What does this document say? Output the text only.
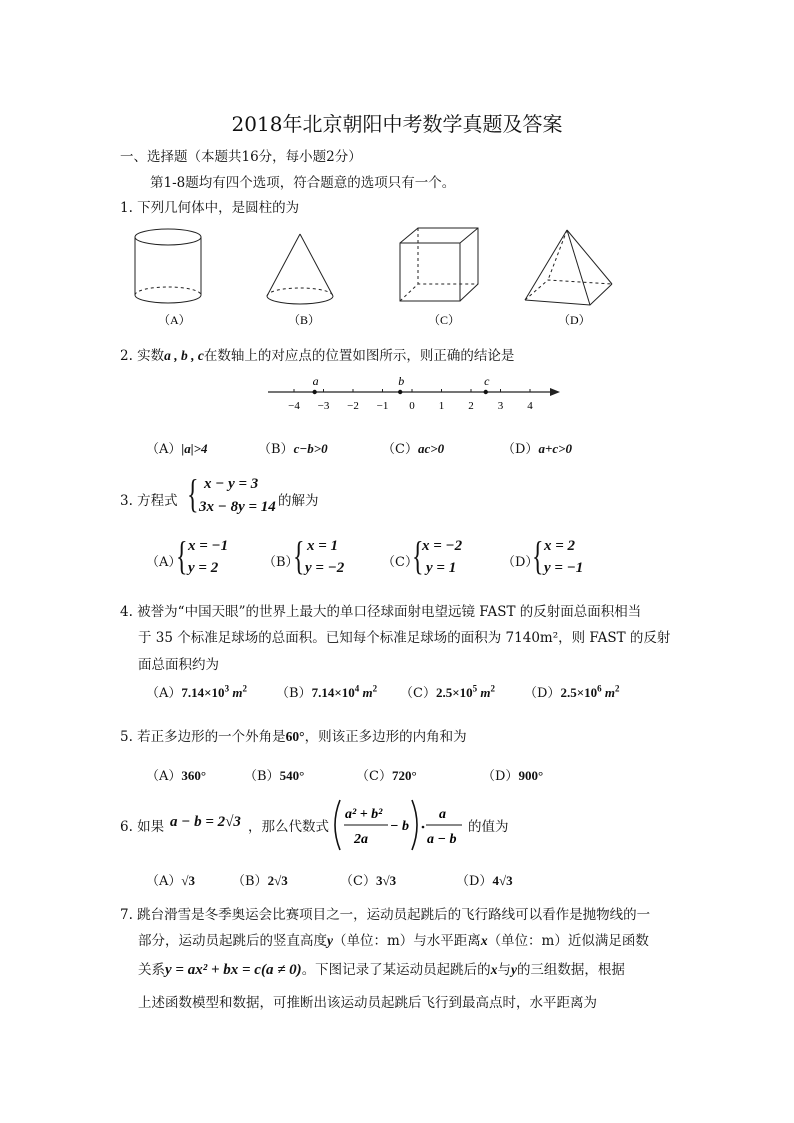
2018年北京朝阳中考数学真题及答案
一、选择题（本题共16分，每小题2分）
第1-8题均有四个选项，符合题意的选项只有一个。
1. 下列几何体中，是圆柱的为
（A）	（B）	（C）	（D）
2. 实数a , b , c在数轴上的对应点的位置如图所示，则正确的结论是
−4 −3 −2 −1 0 1 2 3 4
a	b	c
（A）|a|>4	（B）c−b>0	（C）ac>0	（D）a+c>0
3. 方程式 { x − y = 3
3x − 8y = 14 的解为
（A）
{ x = −1
y = 2	（B）
{ x = 1
y = −2	（C）
{
x = −2
y = 1	（D）
{ x = 2
y = −1
4. 被誉为“中国天眼”的世界上最大的单口径球面射电望远镜 FAST 的反射面总面积相当
于 35 个标准足球场的总面积。已知每个标准足球场的面积为 7140m²，则 FAST 的反射
面总面积约为
$(A)7.14\times 10^3$ $m^2$ $(B)7.14\times 10^4$ $m^2$ $(C)2.5\times 10^5$ $m^2$ $(D)2.5\times 10^6$ $m^2$
5. 若正多边形的一个外角是60°，则该正多边形的内角和为
（A）360°	（B）540°	（C）720°	（D）900°
6. 如果 a − b = 2√3 ，那么代数式
a² + b²
2a
− b
a
a − b
的值为
（A）√3	（B）2√3	（C）3√3	（D）4√3
7. 跳台滑雪是冬季奥运会比赛项目之一，运动员起跳后的飞行路线可以看作是抛物线的一
部分，运动员起跳后的竖直高度y（单位：m）与水平距离x（单位：m）近似满足函数
关系y = ax² + bx = c(a ≠ 0)。下图记录了某运动员起跳后的x与y的三组数据，根据
上述函数模型和数据，可推断出该运动员起跳后飞行到最高点时，水平距离为
